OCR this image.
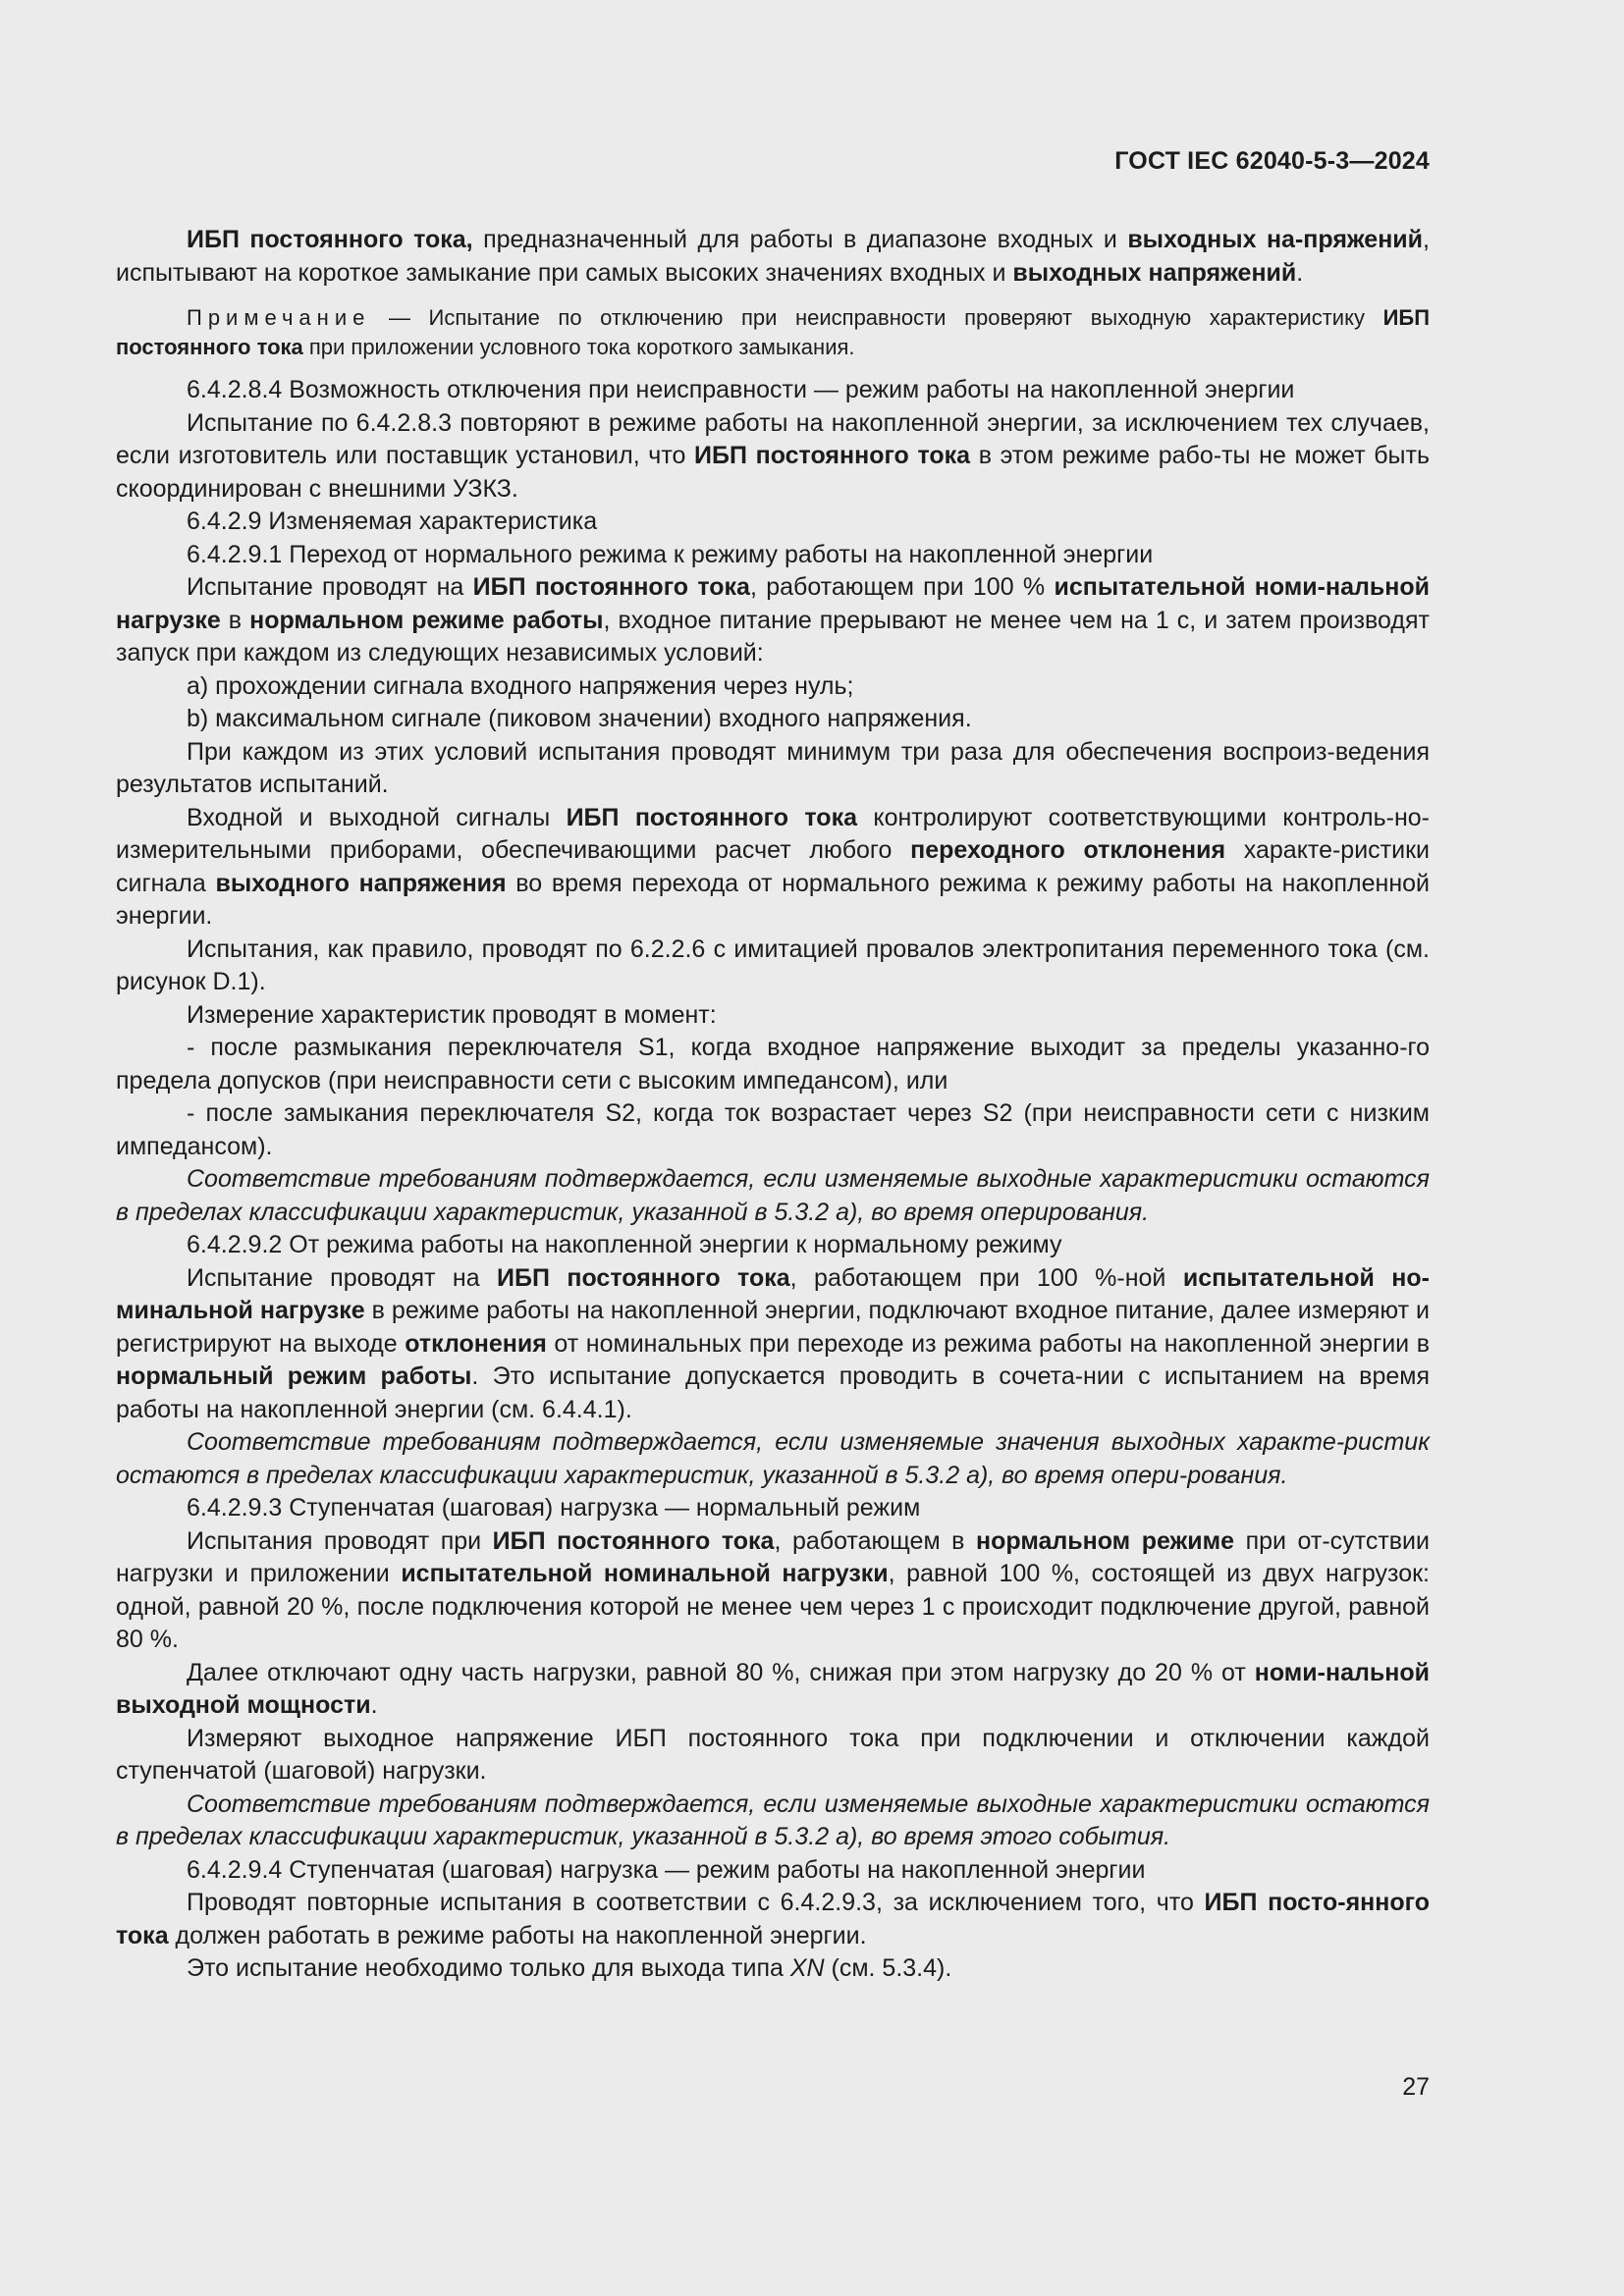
ГОСТ IEC 62040-5-3—2024

ИБП постоянного тока, предназначенный для работы в диапазоне входных и выходных на-пряжений, испытывают на короткое замыкание при самых высоких значениях входных и выходных напряжений.

Примечание — Испытание по отключению при неисправности проверяют выходную характеристику ИБП постоянного тока при приложении условного тока короткого замыкания.

6.4.2.8.4 Возможность отключения при неисправности — режим работы на накопленной энергии

Испытание по 6.4.2.8.3 повторяют в режиме работы на накопленной энергии, за исключением тех случаев, если изготовитель или поставщик установил, что ИБП постоянного тока в этом режиме рабо-ты не может быть скоординирован с внешними УЗКЗ.

6.4.2.9 Изменяемая характеристика

6.4.2.9.1 Переход от нормального режима к режиму работы на накопленной энергии

Испытание проводят на ИБП постоянного тока, работающем при 100 % испытательной номи-нальной нагрузке в нормальном режиме работы, входное питание прерывают не менее чем на 1 с, и затем производят запуск при каждом из следующих независимых условий:

a) прохождении сигнала входного напряжения через нуль;

b) максимальном сигнале (пиковом значении) входного напряжения.

При каждом из этих условий испытания проводят минимум три раза для обеспечения воспроиз-ведения результатов испытаний.

Входной и выходной сигналы ИБП постоянного тока контролируют соответствующими контроль-но-измерительными приборами, обеспечивающими расчет любого переходного отклонения характе-ристики сигнала выходного напряжения во время перехода от нормального режима к режиму работы на накопленной энергии.

Испытания, как правило, проводят по 6.2.2.6 с имитацией провалов электропитания переменного тока (см. рисунок D.1).

Измерение характеристик проводят в момент:

- после размыкания переключателя S1, когда входное напряжение выходит за пределы указанно-го предела допусков (при неисправности сети с высоким импедансом), или

- после замыкания переключателя S2, когда ток возрастает через S2 (при неисправности сети с низким импедансом).

Соответствие требованиям подтверждается, если изменяемые выходные характеристики остаются в пределах классификации характеристик, указанной в 5.3.2 а), во время оперирования.

6.4.2.9.2 От режима работы на накопленной энергии к нормальному режиму

Испытание проводят на ИБП постоянного тока, работающем при 100 %-ной испытательной но-минальной нагрузке в режиме работы на накопленной энергии, подключают входное питание, далее измеряют и регистрируют на выходе отклонения от номинальных при переходе из режима работы на накопленной энергии в нормальный режим работы. Это испытание допускается проводить в сочета-нии с испытанием на время работы на накопленной энергии (см. 6.4.4.1).

Соответствие требованиям подтверждается, если изменяемые значения выходных характе-ристик остаются в пределах классификации характеристик, указанной в 5.3.2 а), во время опери-рования.

6.4.2.9.3 Ступенчатая (шаговая) нагрузка — нормальный режим

Испытания проводят при ИБП постоянного тока, работающем в нормальном режиме при от-сутствии нагрузки и приложении испытательной номинальной нагрузки, равной 100 %, состоящей из двух нагрузок: одной, равной 20 %, после подключения которой не менее чем через 1 с происходит подключение другой, равной 80 %.

Далее отключают одну часть нагрузки, равной 80 %, снижая при этом нагрузку до 20 % от номи-нальной выходной мощности.

Измеряют выходное напряжение ИБП постоянного тока при подключении и отключении каждой ступенчатой (шаговой) нагрузки.

Соответствие требованиям подтверждается, если изменяемые выходные характеристики остаются в пределах классификации характеристик, указанной в 5.3.2 а), во время этого события.

6.4.2.9.4 Ступенчатая (шаговая) нагрузка — режим работы на накопленной энергии

Проводят повторные испытания в соответствии с 6.4.2.9.3, за исключением того, что ИБП посто-янного тока должен работать в режиме работы на накопленной энергии.

Это испытание необходимо только для выхода типа XN (см. 5.3.4).

27
